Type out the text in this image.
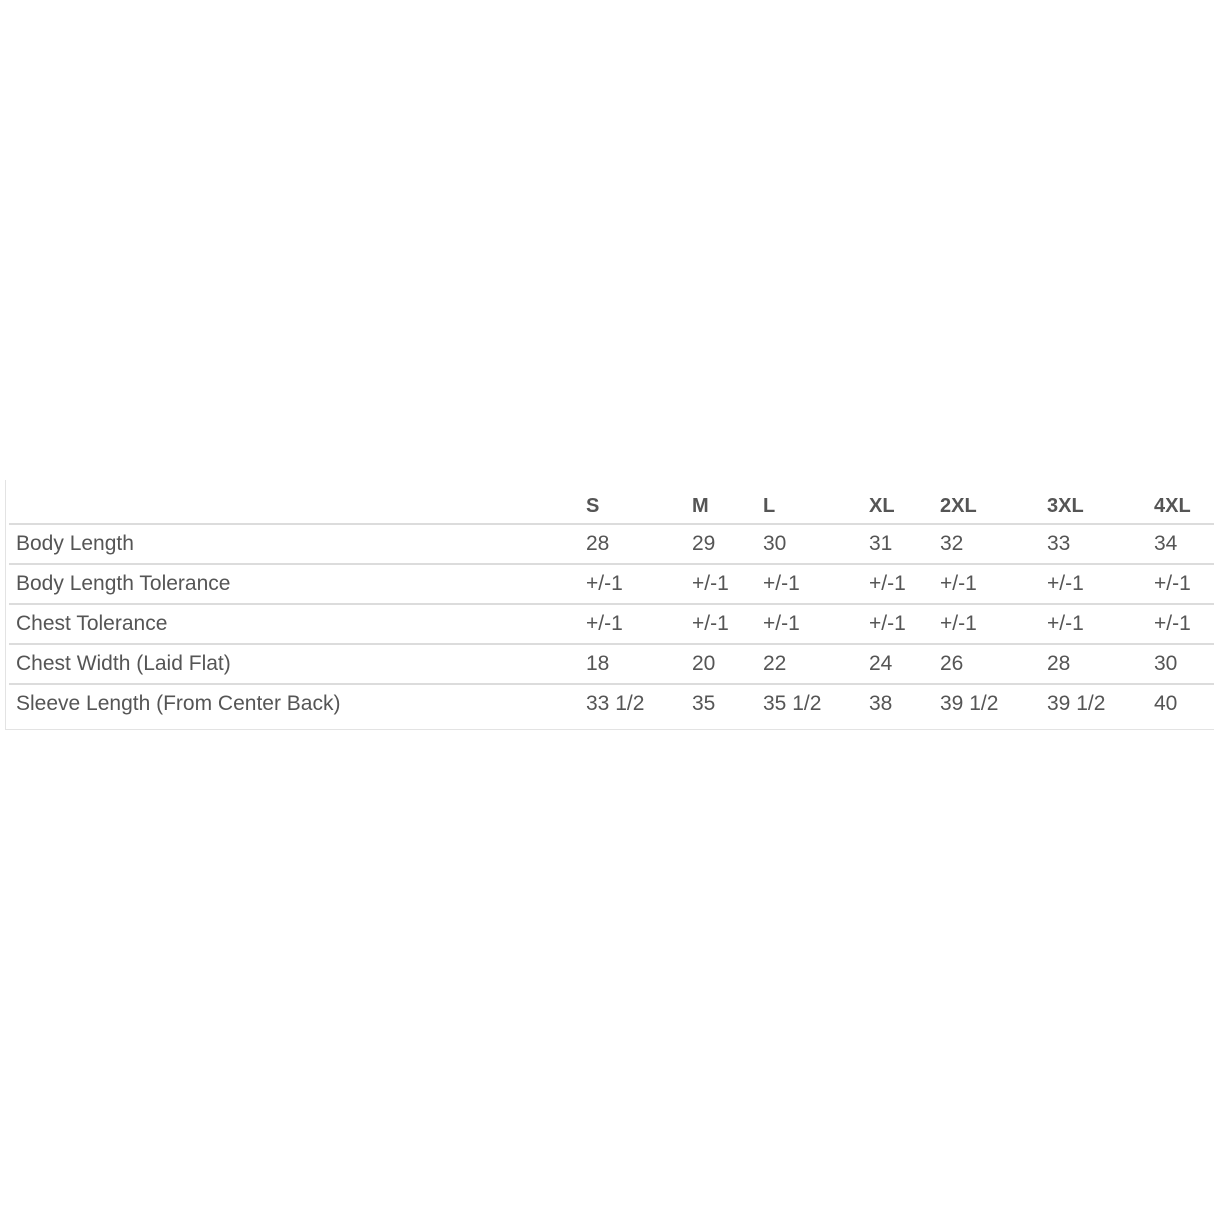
	S	M	L	XL	2XL	3XL	4XL
Body Length	28	29	30	31	32	33	34
Body Length Tolerance	+/-1	+/-1	+/-1	+/-1	+/-1	+/-1	+/-1
Chest Tolerance	+/-1	+/-1	+/-1	+/-1	+/-1	+/-1	+/-1
Chest Width (Laid Flat)	18	20	22	24	26	28	30
Sleeve Length (From Center Back)	33 1/2	35	35 1/2	38	39 1/2	39 1/2	40
